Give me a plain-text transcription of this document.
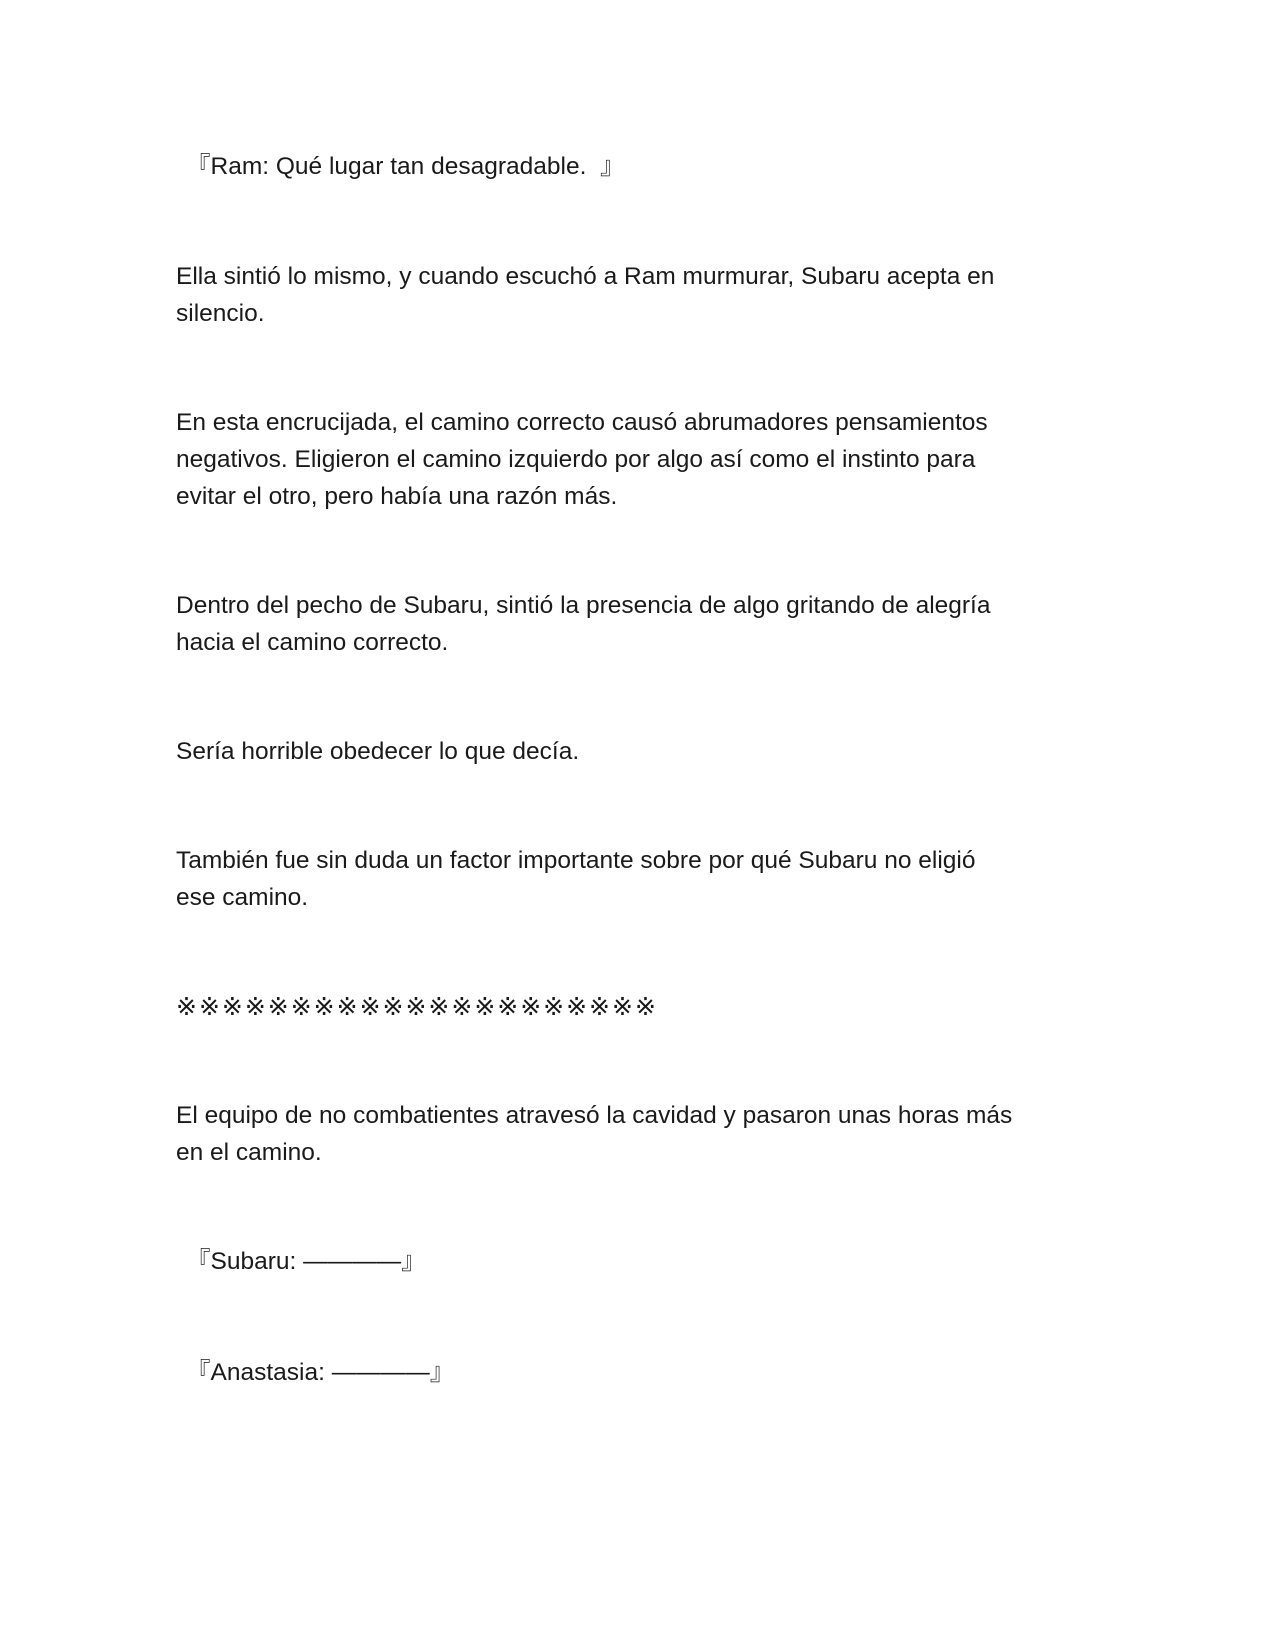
『Ram: Qué lugar tan desagradable.  』

Ella sintió lo mismo, y cuando escuchó a Ram murmurar, Subaru acepta en

silencio.

En esta encrucijada, el camino correcto causó abrumadores pensamientos

negativos. Eligieron el camino izquierdo por algo así como el instinto para

evitar el otro, pero había una razón más.

Dentro del pecho de Subaru, sintió la presencia de algo gritando de alegría

hacia el camino correcto.

Sería horrible obedecer lo que decía.

También fue sin duda un factor importante sobre por qué Subaru no eligió

ese camino.

※※※※※※※※※※※※※※※※※※※※※

El equipo de no combatientes atravesó la cavidad y pasaron unas horas más

en el camino.

『Subaru: ————』

『Anastasia: ————』
